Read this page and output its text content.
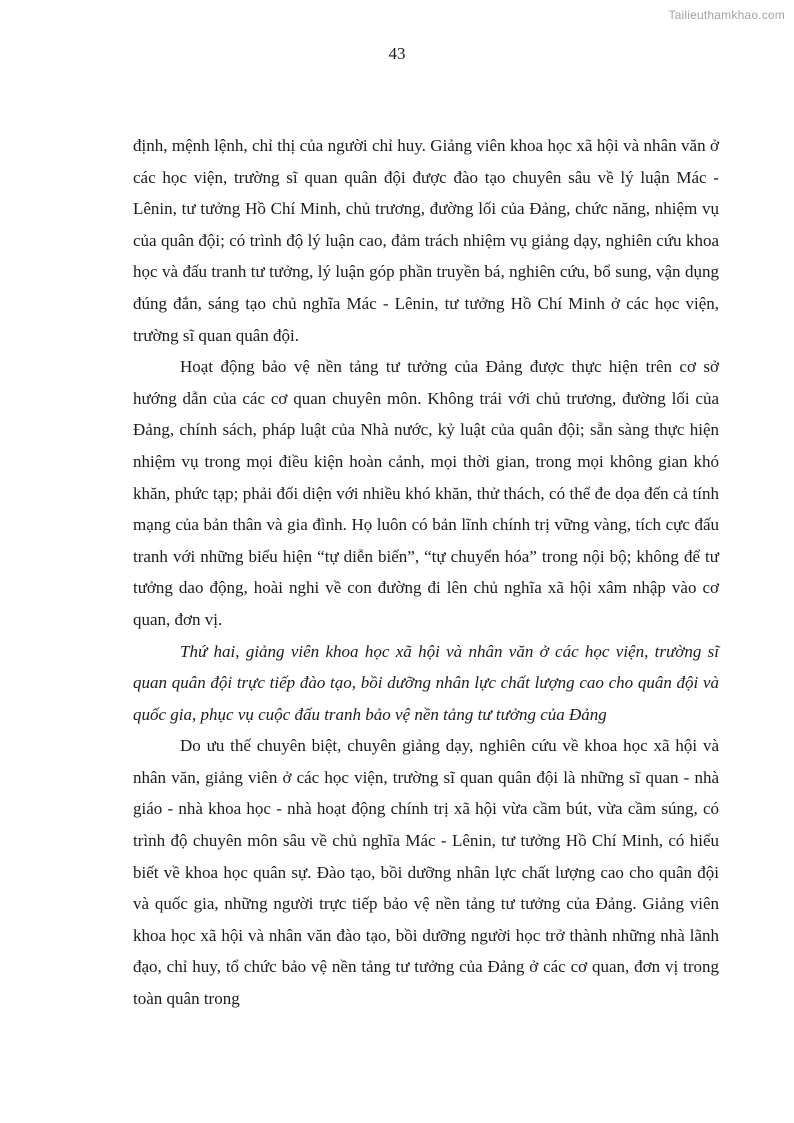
Tailieuthamkhao.com
43

định, mệnh lệnh, chỉ thị của người chỉ huy. Giảng viên khoa học xã hội và nhân văn ở các học viện, trường sĩ quan quân đội được đào tạo chuyên sâu về lý luận Mác - Lênin, tư tưởng Hồ Chí Minh, chủ trương, đường lối của Đảng, chức năng, nhiệm vụ của quân đội; có trình độ lý luận cao, đảm trách nhiệm vụ giảng dạy, nghiên cứu khoa học và đấu tranh tư tưởng, lý luận góp phần truyền bá, nghiên cứu, bổ sung, vận dụng đúng đắn, sáng tạo chủ nghĩa Mác - Lênin, tư tưởng Hồ Chí Minh ở các học viện, trường sĩ quan quân đội.

Hoạt động bảo vệ nền tảng tư tưởng của Đảng được thực hiện trên cơ sở hướng dẫn của các cơ quan chuyên môn. Không trái với chủ trương, đường lối của Đảng, chính sách, pháp luật của Nhà nước, kỷ luật của quân đội; sẵn sàng thực hiện nhiệm vụ trong mọi điều kiện hoàn cảnh, mọi thời gian, trong mọi không gian khó khăn, phức tạp; phải đối diện với nhiều khó khăn, thử thách, có thể đe dọa đến cả tính mạng của bản thân và gia đình. Họ luôn có bản lĩnh chính trị vững vàng, tích cực đấu tranh với những biểu hiện “tự diễn biến”, “tự chuyển hóa” trong nội bộ; không để tư tưởng dao động, hoài nghi về con đường đi lên chủ nghĩa xã hội xâm nhập vào cơ quan, đơn vị.

Thứ hai, giảng viên khoa học xã hội và nhân văn ở các học viện, trường sĩ quan quân đội trực tiếp đào tạo, bồi dưỡng nhân lực chất lượng cao cho quân đội và quốc gia, phục vụ cuộc đấu tranh bảo vệ nền tảng tư tưởng của Đảng

Do ưu thế chuyên biệt, chuyên giảng dạy, nghiên cứu về khoa học xã hội và nhân văn, giảng viên ở các học viện, trường sĩ quan quân đội là những sĩ quan - nhà giáo - nhà khoa học - nhà hoạt động chính trị xã hội vừa cầm bút, vừa cầm súng, có trình độ chuyên môn sâu về chủ nghĩa Mác - Lênin, tư tưởng Hồ Chí Minh, có hiểu biết về khoa học quân sự. Đào tạo, bồi dưỡng nhân lực chất lượng cao cho quân đội và quốc gia, những người trực tiếp bảo vệ nền tảng tư tưởng của Đảng. Giảng viên khoa học xã hội và nhân văn đào tạo, bồi dưỡng người học trở thành những nhà lãnh đạo, chỉ huy, tổ chức bảo vệ nền tảng tư tưởng của Đảng ở các cơ quan, đơn vị trong toàn quân trong
